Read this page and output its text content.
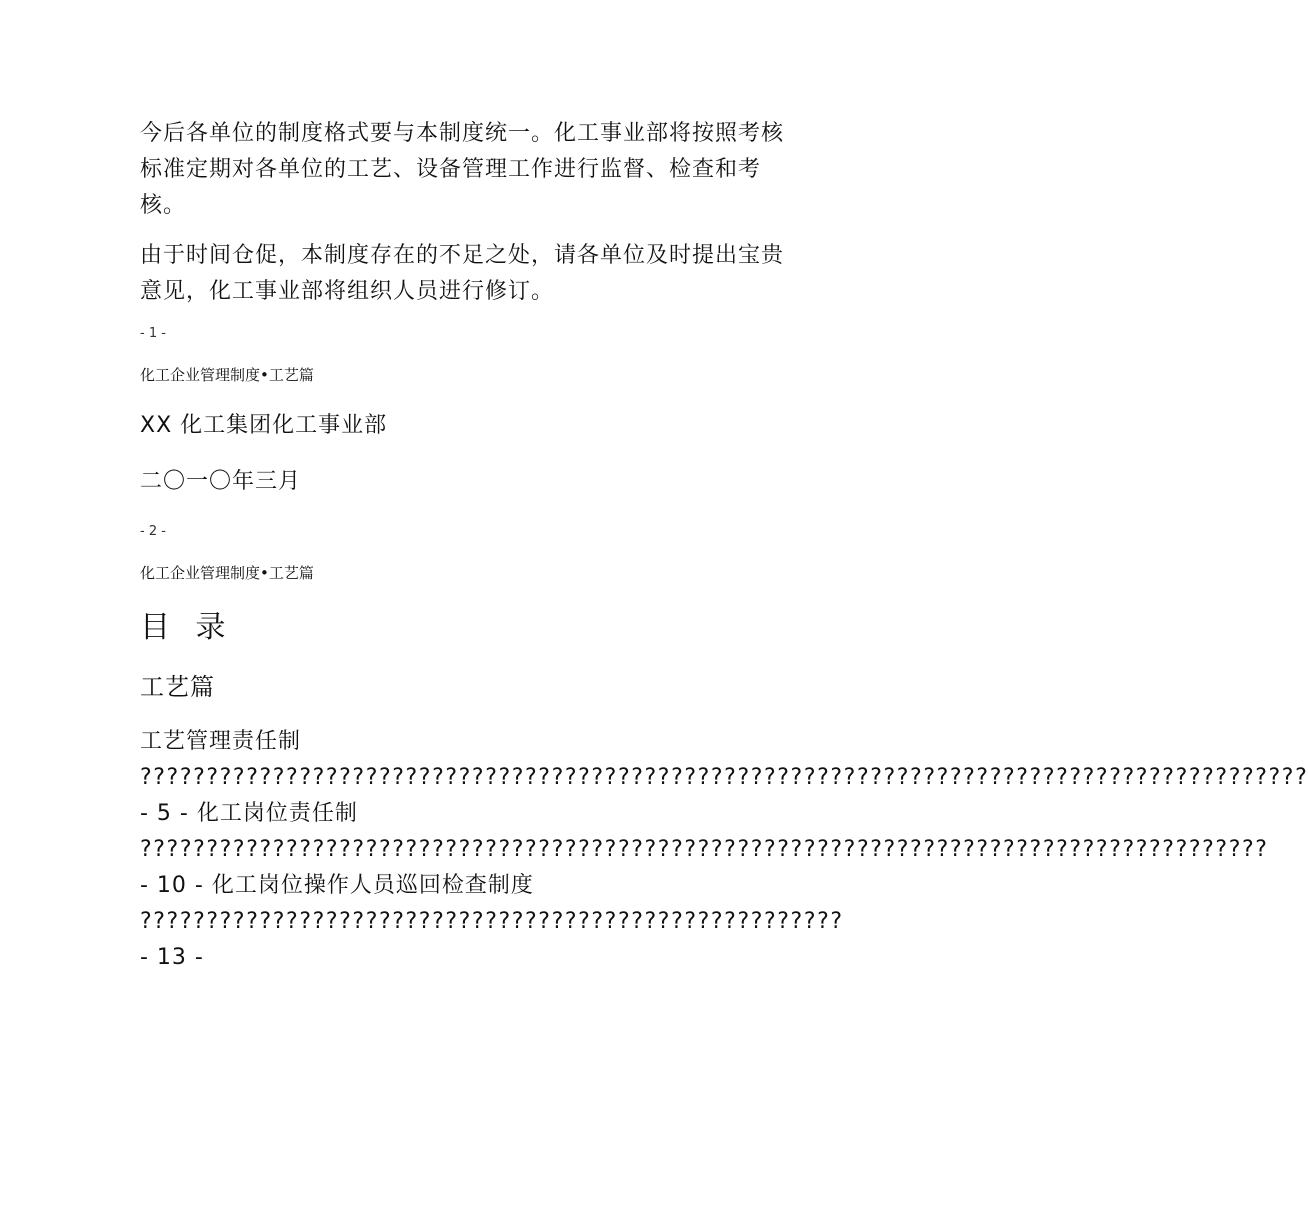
今后各单位的制度格式要与本制度统一。化工事业部将按照考核标准定期对各单位的工艺、设备管理工作进行监督、检查和考核。

由于时间仓促，本制度存在的不足之处，请各单位及时提出宝贵意见，化工事业部将组织人员进行修订。

- 1 -
化工企业管理制度•工艺篇
XX 化工集团化工事业部
二〇一〇年三月
- 2 -
化工企业管理制度•工艺篇
目 录
工艺篇
工艺管理责任制
???????????????????????????????????????????????????????????????????????????????????????? - 5 - 化工岗位责任制
????????????????????????????????????????????????????????????????????????????????????? - 10 - 化工岗位操作人员巡回检查制度
????????????????????????????????????????????????????? - 13 -
